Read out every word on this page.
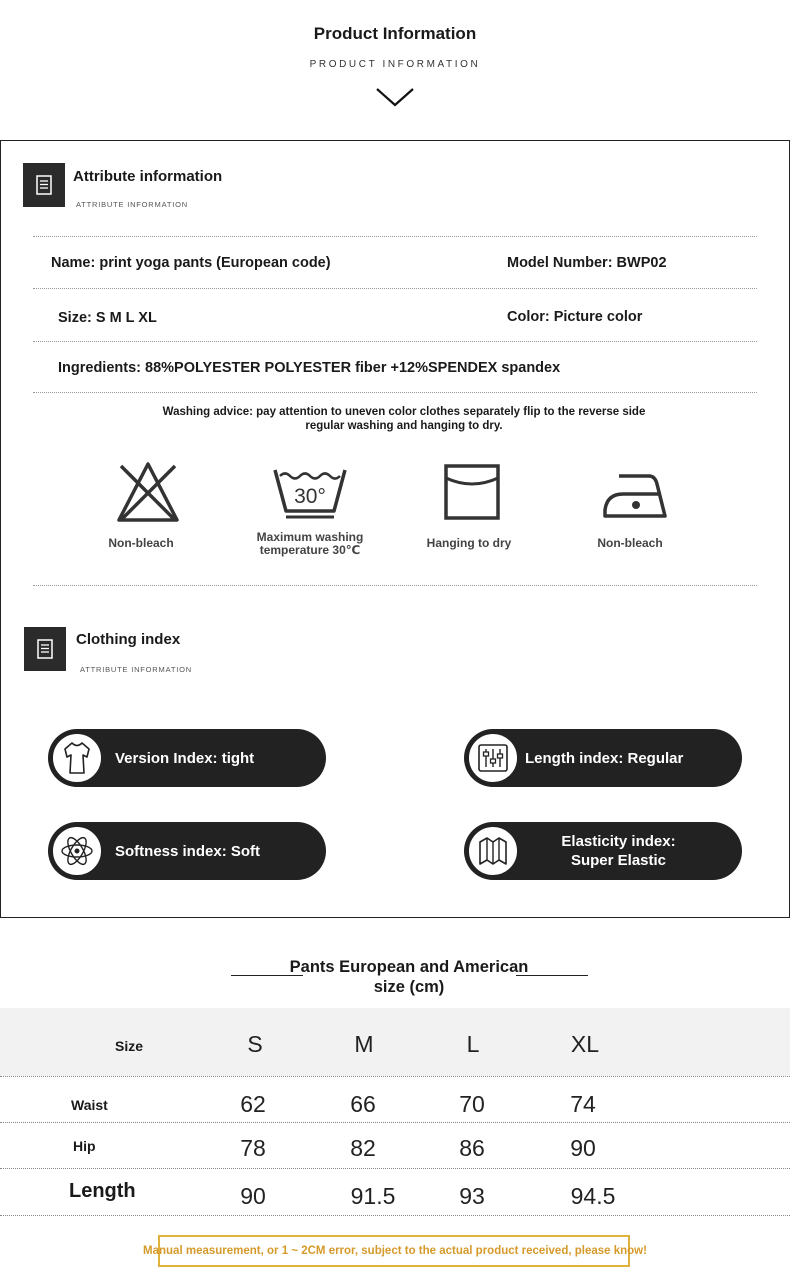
Product Information
PRODUCT INFORMATION
Attribute information
ATTRIBUTE INFORMATION
Name: print yoga pants (European code)	Model Number: BWP02
Size: S M L XL	Color: Picture color
Ingredients: 88%POLYESTER POLYESTER fiber +12%SPENDEX spandex
Washing advice: pay attention to uneven color clothes separately flip to the reverse side
regular washing and hanging to dry.
Non-bleach
30°
Maximum washing
temperature 30℃	Hanging to dry	Non-bleach
Clothing index
ATTRIBUTE INFORMATION
Version Index: tight	Length index: Regular
Softness index: Soft
Elasticity index:
Super Elastic
Pants European and American
size (cm)
Size	S	M	L	XL
Waist	62	66	70	74
Hip	78	82	86	90
Length	90	91.5	93	94.5
Manual measurement, or 1 ~ 2CM error, subject to the actual product received, please know!
